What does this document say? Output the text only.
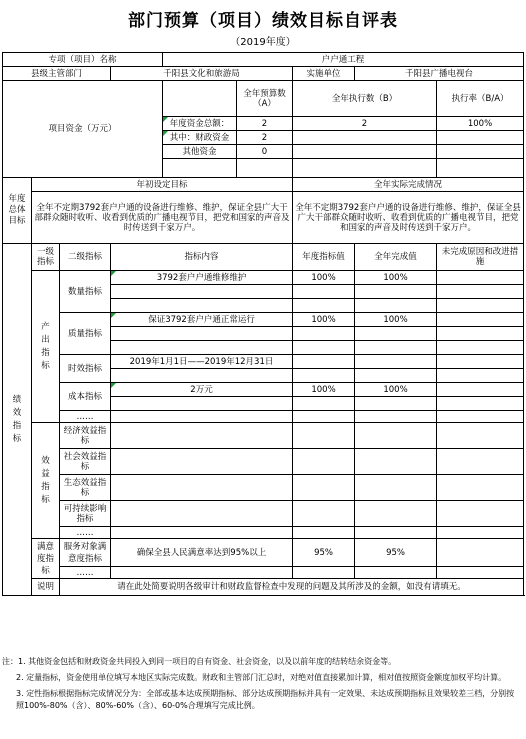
部门预算（项目）绩效目标自评表
（2019年度）
专项（项目）名称				户户通工程				
县级主管部门			千阳县文化和旅游局			实施单位	千阳县广播电视台	
项目资金（万元）					全年预算数（A）	全年执行数（B）		执行率（B/A）
				年度资金总额：	2	2		100%
				其中：财政资金	2			
				其他资金	0			

年度总体目标	年初设定目标					全年实际完成情况		
	全年不定期3792套户户通的设备进行维修、维护，保证全县广大干部群众随时收听、收看到优质的广播电视节目，把党和国家的声音及时传送到千家万户。					全年不定期3792套户户通的设备进行维修、维护，保证全县广大干部群众随时收听、收看到优质的广播电视节目，把党和国家的声音及时传送到千家万户。		

绩效指标	一级指标	二级指标	指标内容			年度指标值	全年完成值	未完成原因和改进措施

	产出指标	数量指标	3792套户户通维修维护			100%	100%	

		质量指标	保证3792套户户通正常运行			100%	100%	

		时效指标	2019年1月1日——2019年12月31日					

		成本指标	2万元			100%	100%	

		……						

	效益指标	经济效益指标						
		社会效益指标						
		生态效益指标						
		可持续影响指标						
		……						

	满意度指标	服务对象满意度指标	确保全县人民满意率达到95%以上			95%	95%	
		……						
	说明	请在此处简要说明各级审计和财政监督检查中发现的问题及其所涉及的金额，如没有请填无。						

注：1. 其他资金包括和财政资金共同投入到同一项目的自有资金、社会资金，以及以前年度的结转结余资金等。

2. 定量指标，资金使用单位填写本地区实际完成数。财政和主管部门汇总时，对绝对值直接累加计算，相对值按照资金额度加权平均计算。

3. 定性指标根据指标完成情况分为：全部或基本达成预期指标、部分达成预期指标并具有一定效果、未达成预期指标且效果较差三档，分别按照100%-80%（含）、80%-60%（含）、60-0%合理填写完成比例。
